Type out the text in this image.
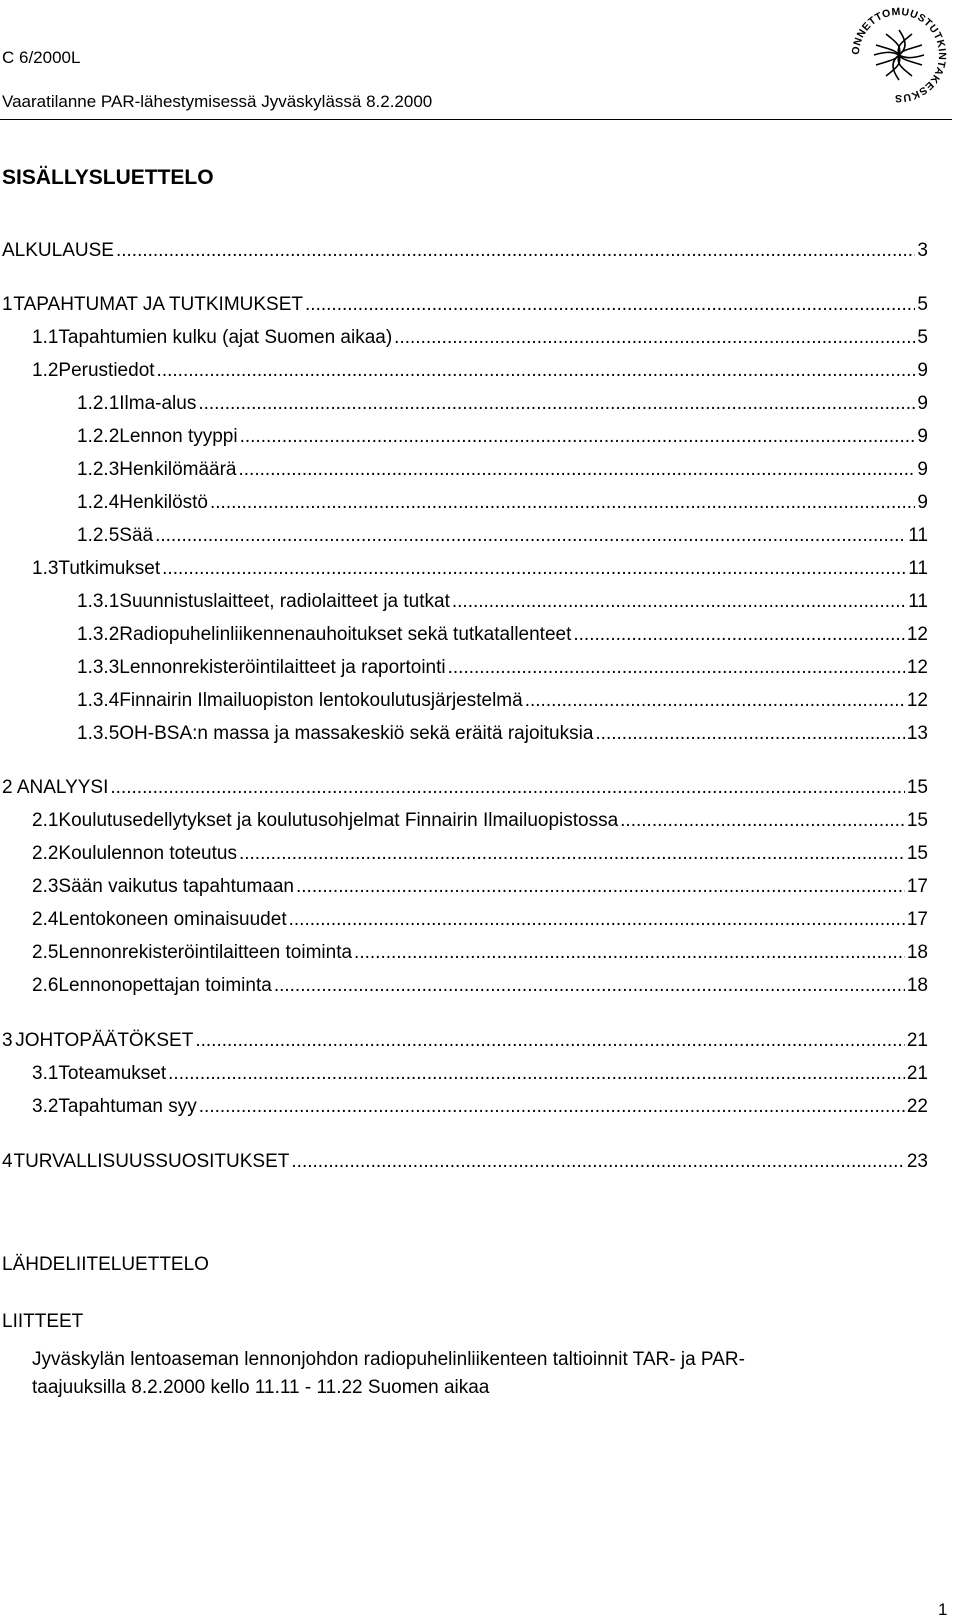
C 6/2000L
Vaaratilanne PAR-lähestymisessä Jyväskylässä 8.2.2000
ONNETTOMUUSTUTKINTAKESKUS
SISÄLLYSLUETTELO
ALKULAUSE .....	3
1 TAPAHTUMAT JA TUTKIMUKSET .....	5
1.1 Tapahtumien kulku (ajat Suomen aikaa) .....	5
1.2 Perustiedot .....	9
1.2.1 Ilma-alus .....	9
1.2.2 Lennon tyyppi .....	9
1.2.3 Henkilömäärä .....	9
1.2.4 Henkilöstö .....	9
1.2.5 Sää .....	11
1.3 Tutkimukset .....	11
1.3.1 Suunnistuslaitteet, radiolaitteet ja tutkat .....	11
1.3.2 Radiopuhelinliikennenauhoitukset sekä tutkatallenteet .....	12
1.3.3 Lennonrekisteröintilaitteet ja raportointi .....	12
1.3.4 Finnairin Ilmailuopiston lentokoulutusjärjestelmä .....	12
1.3.5 OH-BSA:n massa ja massakeskiö sekä eräitä rajoituksia .....	13
2 ANALYYSI .....	15
2.1 Koulutusedellytykset ja koulutusohjelmat Finnairin Ilmailuopistossa .....	15
2.2 Koululennon toteutus .....	15
2.3 Sään vaikutus tapahtumaan .....	17
2.4 Lentokoneen ominaisuudet .....	17
2.5 Lennonrekisteröintilaitteen toiminta .....	18
2.6 Lennonopettajan toiminta .....	18
3 JOHTOPÄÄTÖKSET .....	21
3.1 Toteamukset .....	21
3.2 Tapahtuman syy .....	22
4 TURVALLISUUSSUOSITUKSET .....	23
LÄHDELIITELUETTELO
LIITTEET
Jyväskylän lentoaseman lennonjohdon radiopuhelinliikenteen taltioinnit TAR- ja PAR-
taajuuksilla 8.2.2000 kello 11.11 - 11.22 Suomen aikaa
1
